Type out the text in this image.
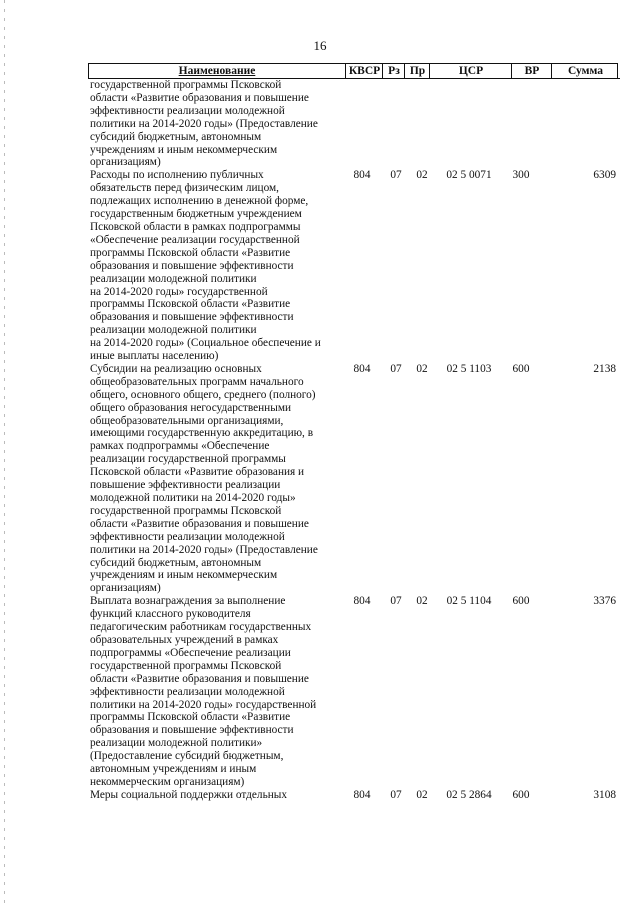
16
Наименование	КВСР Рз Пр	ЦСР	ВР	Сумма
государственной программы Псковской
области «Развитие образования и повышение
эффективности реализации молодежной
политики на 2014-2020 годы» (Предоставление
субсидий бюджетным, автономным
учреждениям и иным некоммерческим
организациям)
Расходы по исполнению публичных
обязательств перед физическим лицом,
подлежащих исполнению в денежной форме,
государственным бюджетным учреждением
Псковской области в рамках подпрограммы
«Обеспечение реализации государственной
программы Псковской области «Развитие
образования и повышение эффективности
реализации молодежной политики
на 2014-2020 годы» государственной
программы Псковской области «Развитие
образования и повышение эффективности
реализации молодежной политики
на 2014-2020 годы» (Социальное обеспечение и
иные выплаты населению)
804	07	02	02 5 0071	300	6309
Субсидии на реализацию основных
общеобразовательных программ начального
общего, основного общего, среднего (полного)
общего образования негосударственными
общеобразовательными организациями,
имеющими государственную аккредитацию, в
рамках подпрограммы «Обеспечение
реализации государственной программы
Псковской области «Развитие образования и
повышение эффективности реализации
молодежной политики на 2014-2020 годы»
государственной программы Псковской
области «Развитие образования и повышение
эффективности реализации молодежной
политики на 2014-2020 годы» (Предоставление
субсидий бюджетным, автономным
учреждениям и иным некоммерческим
организациям)
804	07	02	02 5 1103	600	2138
Выплата вознаграждения за выполнение
функций классного руководителя
педагогическим работникам государственных
образовательных учреждений в рамках
подпрограммы «Обеспечение реализации
государственной программы Псковской
области «Развитие образования и повышение
эффективности реализации молодежной
политики на 2014-2020 годы» государственной
программы Псковской области «Развитие
образования и повышение эффективности
реализации молодежной политики»
(Предоставление субсидий бюджетным,
автономным учреждениям и иным
некоммерческим организациям)
804	07	02	02 5 1104	600	3376
Меры социальной поддержки отдельных	804	07	02	02 5 2864	600	3108
